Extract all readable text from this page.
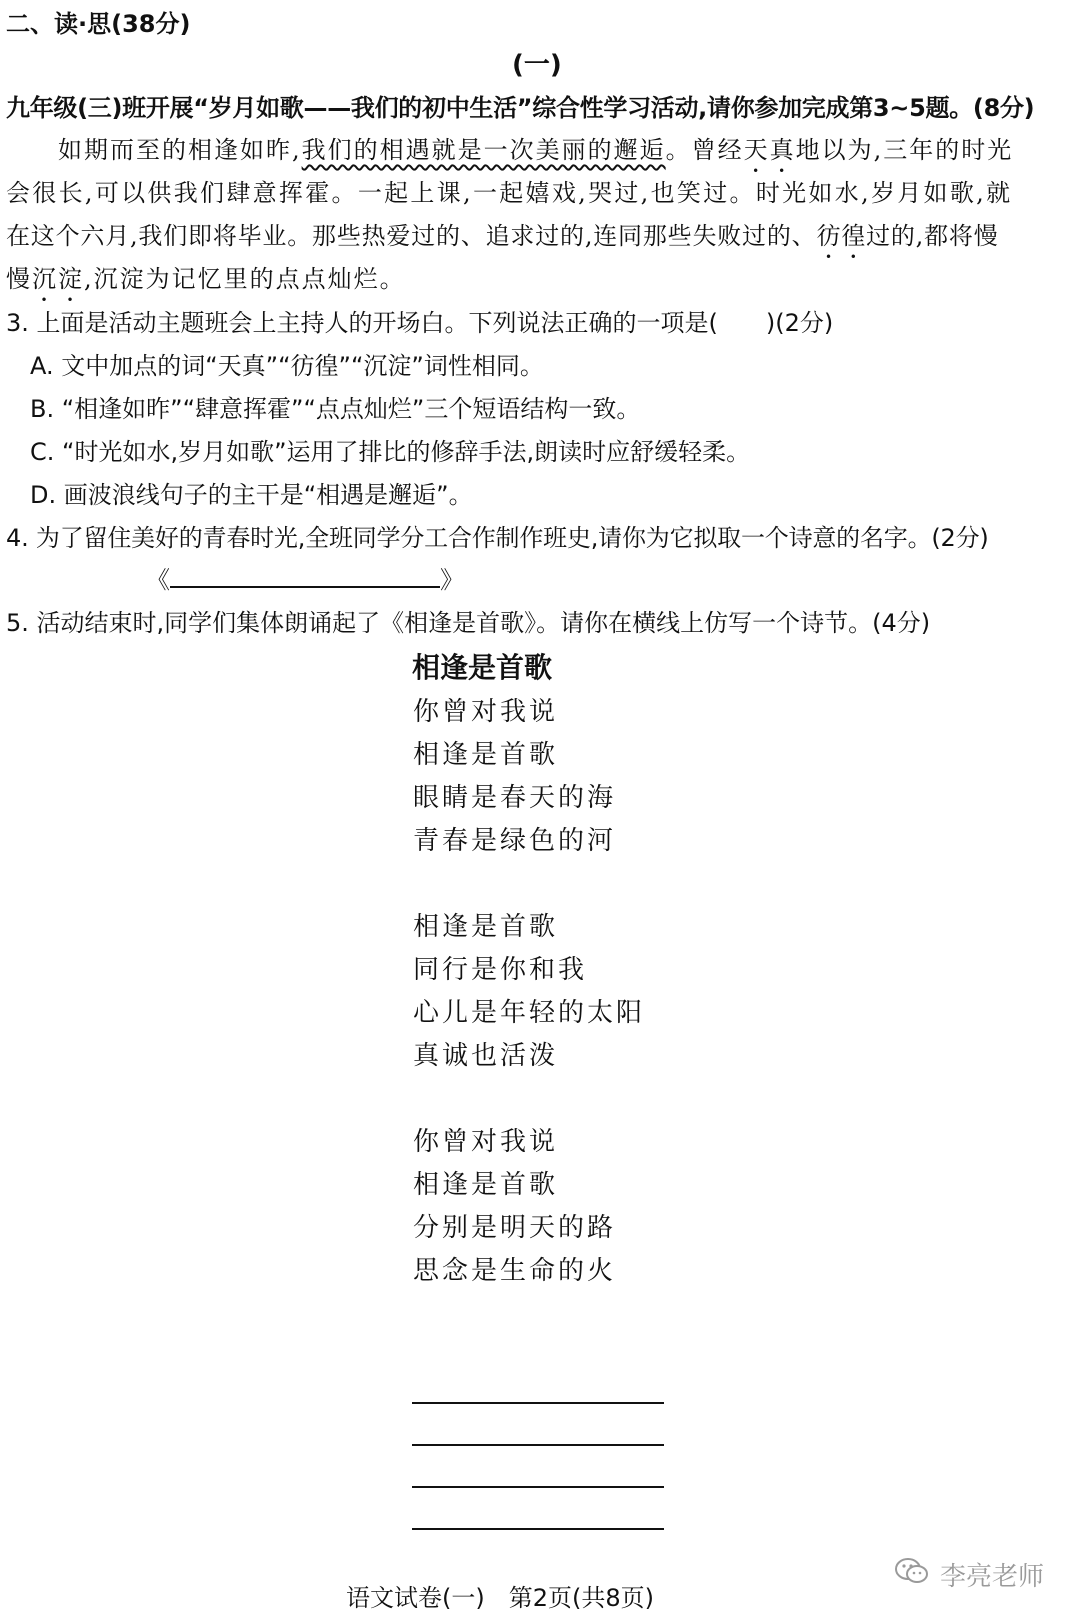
二、读·思(38分)
(一)
九年级(三)班开展“岁月如歌——我们的初中生活”综合性学习活动,请你参加完成第3~5题。(8分)
如期而至的相逢如昨,我们的相遇就是一次美丽的邂逅。曾经天真地以为,三年的时光
会很长,可以供我们肆意挥霍。一起上课,一起嬉戏,哭过,也笑过。时光如水,岁月如歌,就
在这个六月,我们即将毕业。那些热爱过的、追求过的,连同那些失败过的、彷徨过的,都将慢
慢沉淀,沉淀为记忆里的点点灿烂。
3. 上面是活动主题班会上主持人的开场白。下列说法正确的一项是(　　)(2分)
A. 文中加点的词“天真”“彷徨”“沉淀”词性相同。
B. “相逢如昨”“肆意挥霍”“点点灿烂”三个短语结构一致。
C. “时光如水,岁月如歌”运用了排比的修辞手法,朗读时应舒缓轻柔。
D. 画波浪线句子的主干是“相遇是邂逅”。
4. 为了留住美好的青春时光,全班同学分工合作制作班史,请你为它拟取一个诗意的名字。(2分)
《	》
5. 活动结束时,同学们集体朗诵起了《相逢是首歌》。请你在横线上仿写一个诗节。(4分)
相逢是首歌
你曾对我说
相逢是首歌
眼睛是春天的海
青春是绿色的河
相逢是首歌
同行是你和我
心儿是年轻的太阳
真诚也活泼
你曾对我说
相逢是首歌
分别是明天的路
思念是生命的火
李亮老师
语文试卷(一)　第2页(共8页)
